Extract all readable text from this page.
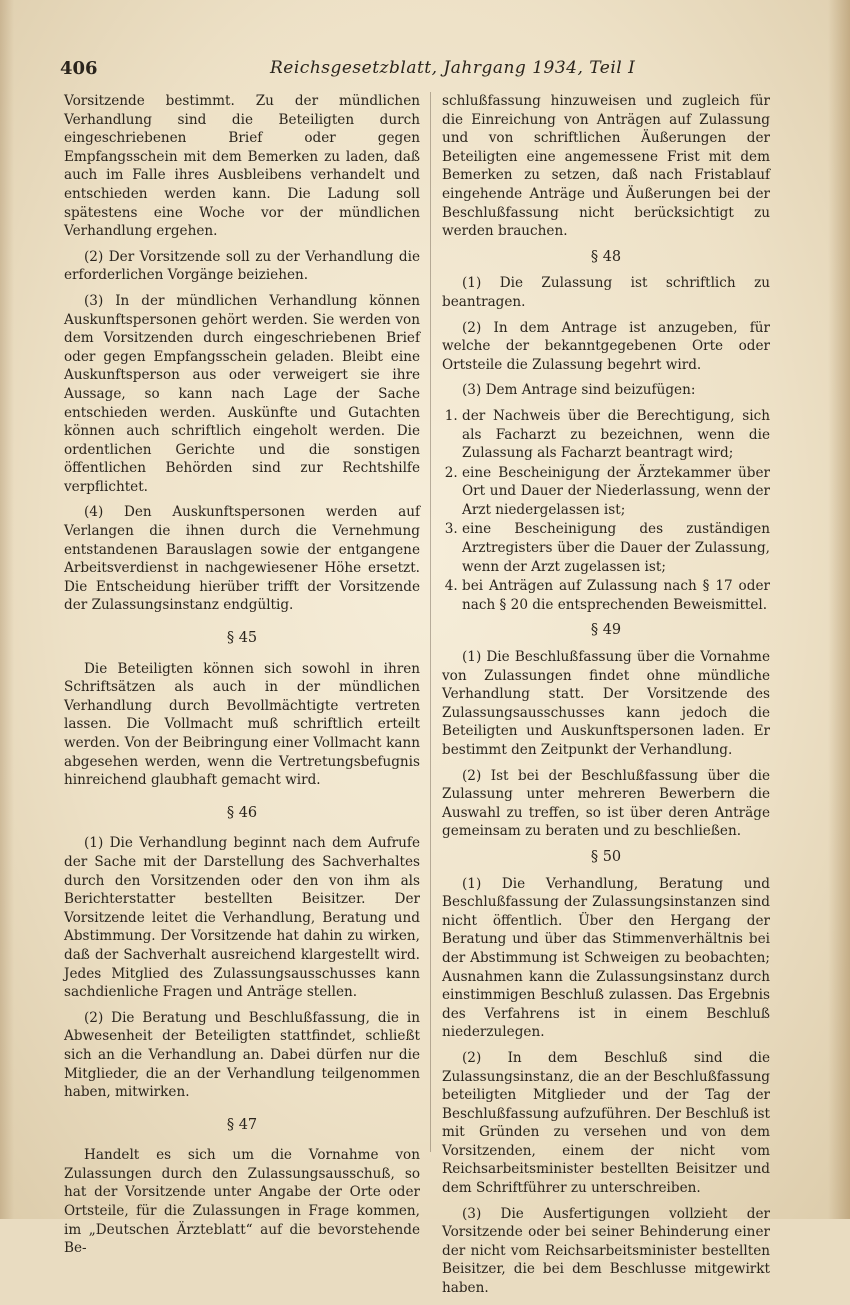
406	Reichsgesetzblatt, Jahrgang 1934, Teil I

Vorsitzende bestimmt. Zu der mündlichen Verhandlung sind die Beteiligten durch eingeschriebenen Brief oder gegen Empfangsschein mit dem Bemerken zu laden, daß auch im Falle ihres Ausbleibens verhandelt und entschieden werden kann. Die Ladung soll spätestens eine Woche vor der mündlichen Verhandlung ergehen.

(2) Der Vorsitzende soll zu der Verhandlung die erforderlichen Vorgänge beiziehen.

(3) In der mündlichen Verhandlung können Auskunftspersonen gehört werden. Sie werden von dem Vorsitzenden durch eingeschriebenen Brief oder gegen Empfangsschein geladen. Bleibt eine Auskunftsperson aus oder verweigert sie ihre Aussage, so kann nach Lage der Sache entschieden werden. Auskünfte und Gutachten können auch schriftlich eingeholt werden. Die ordentlichen Gerichte und die sonstigen öffentlichen Behörden sind zur Rechtshilfe verpflichtet.

(4) Den Auskunftspersonen werden auf Verlangen die ihnen durch die Vernehmung entstandenen Barauslagen sowie der entgangene Arbeitsverdienst in nachgewiesener Höhe ersetzt. Die Entscheidung hierüber trifft der Vorsitzende der Zulassungsinstanz endgültig.

§ 45

Die Beteiligten können sich sowohl in ihren Schriftsätzen als auch in der mündlichen Verhandlung durch Bevollmächtigte vertreten lassen. Die Vollmacht muß schriftlich erteilt werden. Von der Beibringung einer Vollmacht kann abgesehen werden, wenn die Vertretungsbefugnis hinreichend glaubhaft gemacht wird.

§ 46

(1) Die Verhandlung beginnt nach dem Aufrufe der Sache mit der Darstellung des Sachverhaltes durch den Vorsitzenden oder den von ihm als Berichterstatter bestellten Beisitzer. Der Vorsitzende leitet die Verhandlung, Beratung und Abstimmung. Der Vorsitzende hat dahin zu wirken, daß der Sachverhalt ausreichend klargestellt wird. Jedes Mitglied des Zulassungsausschusses kann sachdienliche Fragen und Anträge stellen.

(2) Die Beratung und Beschlußfassung, die in Abwesenheit der Beteiligten stattfindet, schließt sich an die Verhandlung an. Dabei dürfen nur die Mitglieder, die an der Verhandlung teilgenommen haben, mitwirken.

§ 47

Handelt es sich um die Vornahme von Zulassungen durch den Zulassungsausschuß, so hat der Vorsitzende unter Angabe der Orte oder Ortsteile, für die Zulassungen in Frage kommen, im „Deutschen Ärzteblatt“ auf die bevorstehende Be-

schlußfassung hinzuweisen und zugleich für die Einreichung von Anträgen auf Zulassung und von schriftlichen Äußerungen der Beteiligten eine angemessene Frist mit dem Bemerken zu setzen, daß nach Fristablauf eingehende Anträge und Äußerungen bei der Beschlußfassung nicht berücksichtigt zu werden brauchen.

§ 48

(1) Die Zulassung ist schriftlich zu beantragen.

(2) In dem Antrage ist anzugeben, für welche der bekanntgegebenen Orte oder Ortsteile die Zulassung begehrt wird.

(3) Dem Antrage sind beizufügen:

1. der Nachweis über die Berechtigung, sich als Facharzt zu bezeichnen, wenn die Zulassung als Facharzt beantragt wird;
2. eine Bescheinigung der Ärztekammer über Ort und Dauer der Niederlassung, wenn der Arzt niedergelassen ist;
3. eine Bescheinigung des zuständigen Arztregisters über die Dauer der Zulassung, wenn der Arzt zugelassen ist;
4. bei Anträgen auf Zulassung nach § 17 oder nach § 20 die entsprechenden Beweismittel.
§ 49

(1) Die Beschlußfassung über die Vornahme von Zulassungen findet ohne mündliche Verhandlung statt. Der Vorsitzende des Zulassungsausschusses kann jedoch die Beteiligten und Auskunftspersonen laden. Er bestimmt den Zeitpunkt der Verhandlung.

(2) Ist bei der Beschlußfassung über die Zulassung unter mehreren Bewerbern die Auswahl zu treffen, so ist über deren Anträge gemeinsam zu beraten und zu beschließen.

§ 50

(1) Die Verhandlung, Beratung und Beschlußfassung der Zulassungsinstanzen sind nicht öffentlich. Über den Hergang der Beratung und über das Stimmenverhältnis bei der Abstimmung ist Schweigen zu beobachten; Ausnahmen kann die Zulassungsinstanz durch einstimmigen Beschluß zulassen. Das Ergebnis des Verfahrens ist in einem Beschluß niederzulegen.

(2) In dem Beschluß sind die Zulassungsinstanz, die an der Beschlußfassung beteiligten Mitglieder und der Tag der Beschlußfassung aufzuführen. Der Beschluß ist mit Gründen zu versehen und von dem Vorsitzenden, einem der nicht vom Reichsarbeitsminister bestellten Beisitzer und dem Schriftführer zu unterschreiben.

(3) Die Ausfertigungen vollzieht der Vorsitzende oder bei seiner Behinderung einer der nicht vom Reichsarbeitsminister bestellten Beisitzer, die bei dem Beschlusse mitgewirkt haben.
